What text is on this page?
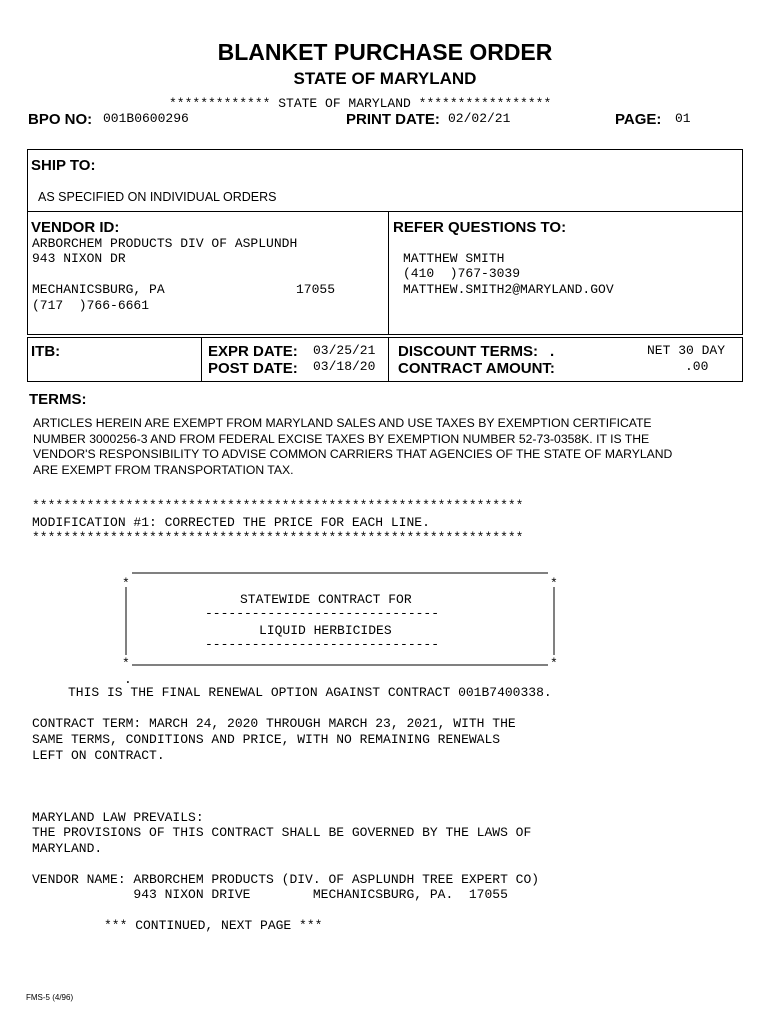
BLANKET PURCHASE ORDER
STATE OF MARYLAND
************* STATE OF MARYLAND *****************
BPO NO: 001B0600296	PRINT DATE: 02/02/21	PAGE: 01
SHIP TO:
AS SPECIFIED ON INDIVIDUAL ORDERS
VENDOR ID:
ARBORCHEM PRODUCTS DIV OF ASPLUNDH
943 NIXON DR
MECHANICSBURG, PA	17055
(717  )766-6661
REFER QUESTIONS TO:
MATTHEW SMITH
(410  )767-3039
MATTHEW.SMITH2@MARYLAND.GOV
ITB:	EXPR DATE: 03/25/21
POST DATE: 03/18/20
DISCOUNT TERMS: .	NET 30 DAY
CONTRACT AMOUNT:	.00
TERMS:
ARTICLES HEREIN ARE EXEMPT FROM MARYLAND SALES AND USE TAXES BY EXEMPTION CERTIFICATE
NUMBER 3000256-3 AND FROM FEDERAL EXCISE TAXES BY EXEMPTION NUMBER 52-73-0358K. IT IS THE
VENDOR'S RESPONSIBILITY TO ADVISE COMMON CARRIERS THAT AGENCIES OF THE STATE OF MARYLAND
ARE EXEMPT FROM TRANSPORTATION TAX.
***************************************************************
MODIFICATION #1: CORRECTED THE PRICE FOR EACH LINE.
***************************************************************
*	*
*	*
.
STATEWIDE CONTRACT FOR
------------------------------
LIQUID HERBICIDES
------------------------------
THIS IS THE FINAL RENEWAL OPTION AGAINST CONTRACT 001B7400338.
CONTRACT TERM: MARCH 24, 2020 THROUGH MARCH 23, 2021, WITH THE
SAME TERMS, CONDITIONS AND PRICE, WITH NO REMAINING RENEWALS
LEFT ON CONTRACT.
MARYLAND LAW PREVAILS:
THE PROVISIONS OF THIS CONTRACT SHALL BE GOVERNED BY THE LAWS OF
MARYLAND.
VENDOR NAME: ARBORCHEM PRODUCTS (DIV. OF ASPLUNDH TREE EXPERT CO)
943 NIXON DRIVE        MECHANICSBURG, PA.  17055
*** CONTINUED, NEXT PAGE ***
FMS-5 (4/96)
